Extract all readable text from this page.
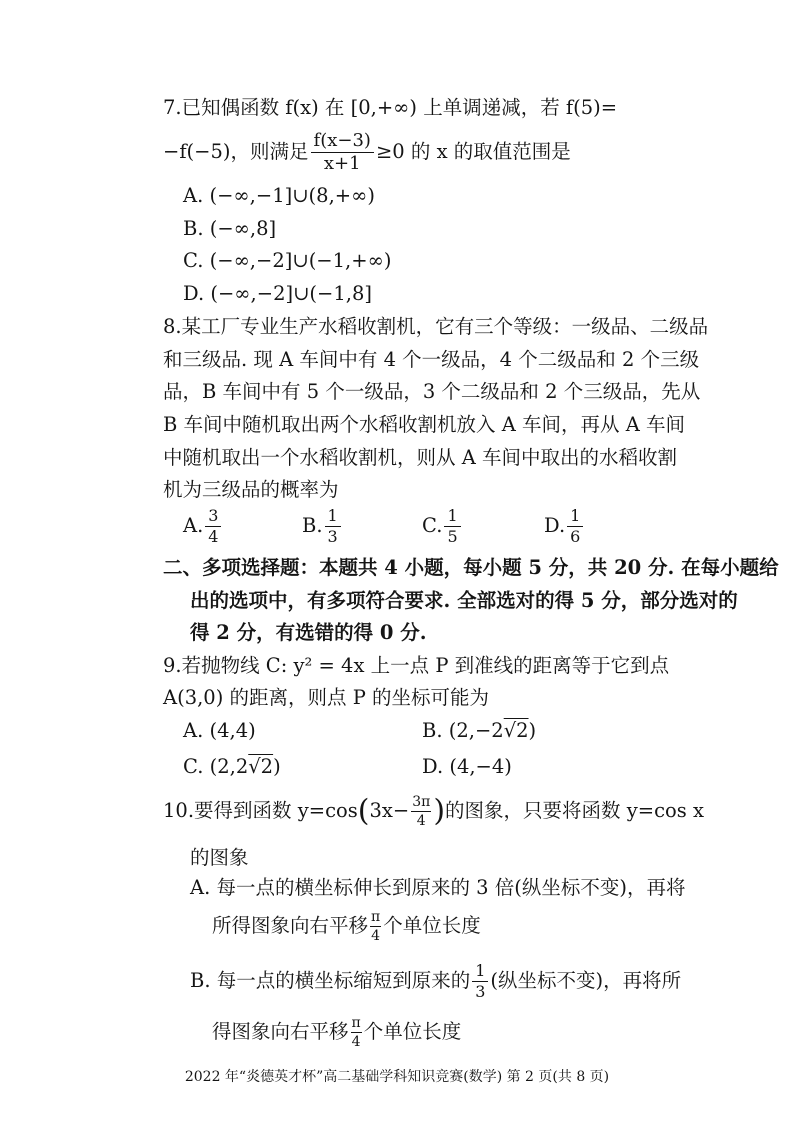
7.已知偶函数 f(x) 在 [0,+∞) 上单调递减，若 f(5)=
−f(−5)，则满足 $\frac{f(x-3)}{x+1} \ge 0$ 的 x 的取值范围是
A. (−∞,−1]∪(8,+∞)
B. (−∞,8]
C. (−∞,−2]∪(−1,+∞)
D. (−∞,−2]∪(−1,8]
8.某工厂专业生产水稻收割机，它有三个等级：一级品、二级品
和三级品. 现 A 车间中有 4 个一级品，4 个二级品和 2 个三级
品，B 车间中有 5 个一级品，3 个二级品和 2 个三级品，先从
B 车间中随机取出两个水稻收割机放入 A 车间，再从 A 车间
中随机取出一个水稻收割机，则从 A 车间中取出的水稻收割
机为三级品的概率为
A. $\frac{3}{4}$	B. $\frac{1}{3}$	C. $\frac{1}{5}$	D. $\frac{1}{6}$
二、多项选择题：本题共 4 小题，每小题 5 分，共 20 分. 在每小题给
出的选项中，有多项符合要求. 全部选对的得 5 分，部分选对的
得 2 分，有选错的得 0 分.
9.若抛物线 C: y² = 4x 上一点 P 到准线的距离等于它到点
A(3,0) 的距离，则点 P 的坐标可能为
A. (4,4)	B. (2,−2√2)
C. (2,2√2)	D. (4,−4)
10.要得到函数 $y=\cos(3x- \frac{3\pi}{4}$ )的图象，只要将函数 y=cos x
的图象
A. 每一点的横坐标伸长到原来的 3 倍(纵坐标不变)，再将
所得图象向右平移 $\frac{\pi}{4}$ 个单位长度
B. 每一点的横坐标缩短到原来的 $\frac{1}{3}$ (纵坐标不变)，再将所
得图象向右平移 $\frac{\pi}{4}$ 个单位长度
2022 年“炎德英才杯”高二基础学科知识竞赛(数学) 第 2 页(共 8 页)
